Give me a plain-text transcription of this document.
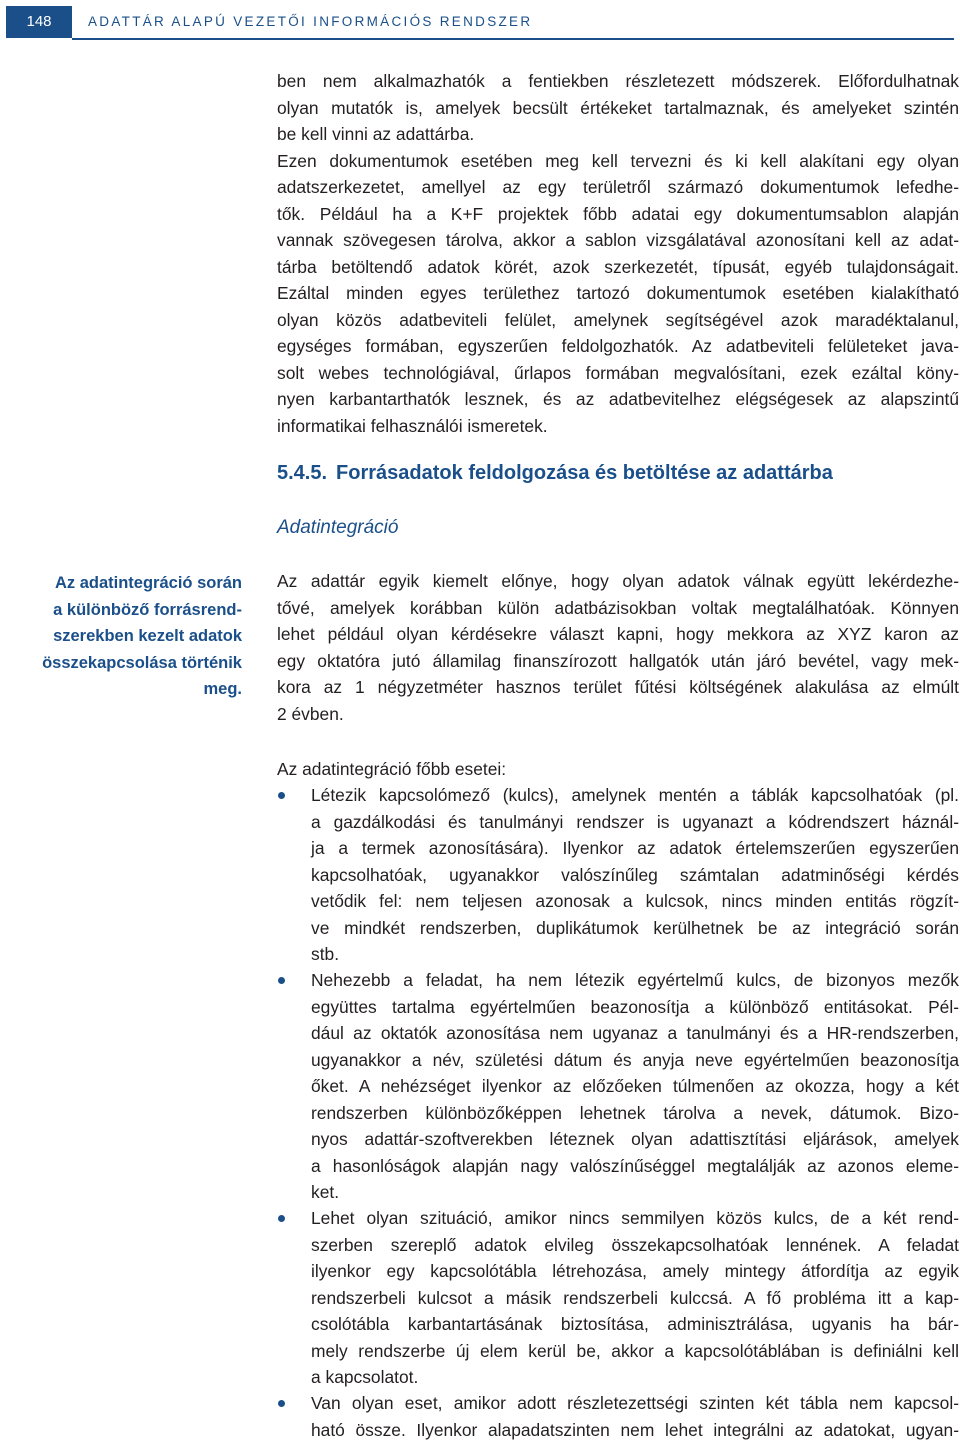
148	ADATTÁR ALAPÚ VEZETŐI INFORMÁCIÓS RENDSZER
ben nem alkalmazhatók a fentiekben részletezett módszerek. Előfordulhatnak
olyan mutatók is, amelyek becsült értékeket tartalmaznak, és amelyeket szintén
be kell vinni az adattárba.
Ezen dokumentumok esetében meg kell tervezni és ki kell alakítani egy olyan
adatszerkezetet, amellyel az egy területről származó dokumentumok lefedhe-
tők. Például ha a K+F projektek főbb adatai egy dokumentumsablon alapján
vannak szövegesen tárolva, akkor a sablon vizsgálatával azonosítani kell az adat-
tárba betöltendő adatok körét, azok szerkezetét, típusát, egyéb tulajdonságait.
Ezáltal minden egyes területhez tartozó dokumentumok esetében kialakítható
olyan közös adatbeviteli felület, amelynek segítségével azok maradéktalanul,
egységes formában, egyszerűen feldolgozhatók. Az adatbeviteli felületeket java-
solt webes technológiával, űrlapos formában megvalósítani, ezek ezáltal köny-
nyen karbantarthatók lesznek, és az adatbevitelhez elégségesek az alapszintű
informatikai felhasználói ismeretek.
5.4.5. Forrásadatok feldolgozása és betöltése az adattárba
Adatintegráció
Az adatintegráció során
a különböző forrásrend-
szerekben kezelt adatok
összekapcsolása történik
meg.
Az adattár egyik kiemelt előnye, hogy olyan adatok válnak együtt lekérdezhe-
tővé, amelyek korábban külön adatbázisokban voltak megtalálhatóak. Könnyen
lehet például olyan kérdésekre választ kapni, hogy mekkora az XYZ karon az
egy oktatóra jutó államilag finanszírozott hallgatók után járó bevétel, vagy mek-
kora az 1 négyzetméter hasznos terület fűtési költségének alakulása az elmúlt
2 évben.
Az adatintegráció főbb esetei:
Létezik kapcsolómező (kulcs), amelynek mentén a táblák kapcsolhatóak (pl.
a gazdálkodási és tanulmányi rendszer is ugyanazt a kódrendszert háznál-
ja a termek azonosítására). Ilyenkor az adatok értelemszerűen egyszerűen
kapcsolhatóak, ugyanakkor valószínűleg számtalan adatminőségi kérdés
vetődik fel: nem teljesen azonosak a kulcsok, nincs minden entitás rögzít-
ve mindkét rendszerben, duplikátumok kerülhetnek be az integráció során
stb.
Nehezebb a feladat, ha nem létezik egyértelmű kulcs, de bizonyos mezők
együttes tartalma egyértelműen beazonosítja a különböző entitásokat. Pél-
dául az oktatók azonosítása nem ugyanaz a tanulmányi és a HR-rendszerben,
ugyanakkor a név, születési dátum és anyja neve egyértelműen beazonosítja
őket. A nehézséget ilyenkor az előzőeken túlmenően az okozza, hogy a két
rendszerben különbözőképpen lehetnek tárolva a nevek, dátumok. Bizo-
nyos adattár-szoftverekben léteznek olyan adattisztítási eljárások, amelyek
a hasonlóságok alapján nagy valószínűséggel megtalálják az azonos eleme-
ket.
Lehet olyan szituáció, amikor nincs semmilyen közös kulcs, de a két rend-
szerben szereplő adatok elvileg összekapcsolhatóak lennének. A feladat
ilyenkor egy kapcsolótábla létrehozása, amely mintegy átfordítja az egyik
rendszerbeli kulcsot a másik rendszerbeli kulccsá. A fő probléma itt a kap-
csolótábla karbantartásának biztosítása, adminisztrálása, ugyanis ha bár-
mely rendszerbe új elem kerül be, akkor a kapcsolótáblában is definiálni kell
a kapcsolatot.
Van olyan eset, amikor adott részletezettségi szinten két tábla nem kapcsol-
ható össze. Ilyenkor alapadatszinten nem lehet integrálni az adatokat, ugyan-
